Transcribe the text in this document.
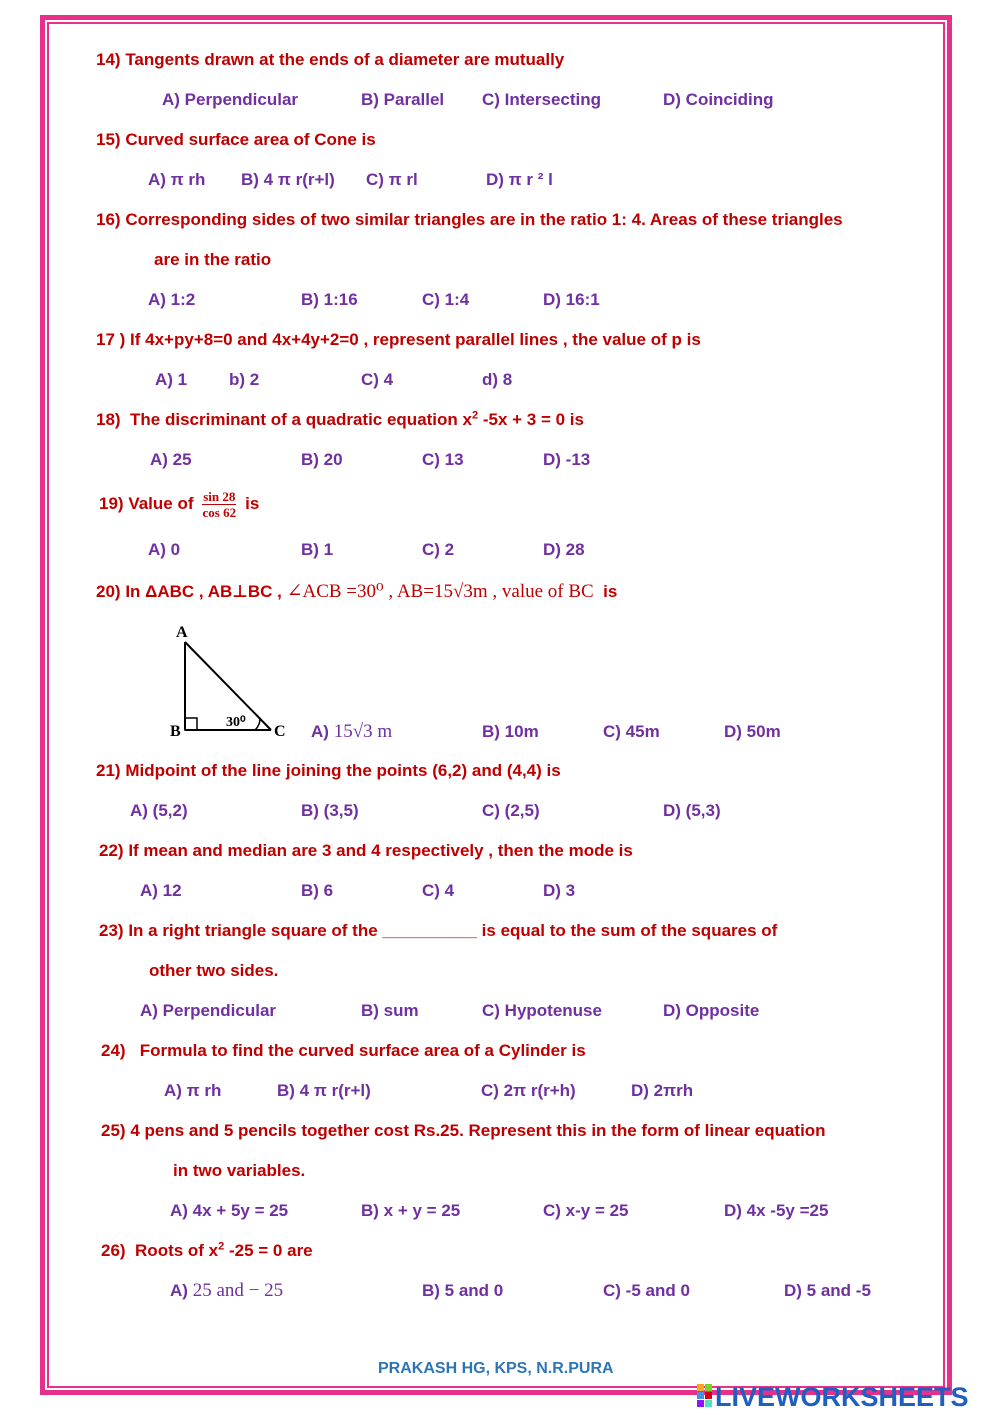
14) Tangents drawn at the ends of a diameter are mutually
A) Perpendicular	B) Parallel C) Intersecting	D) Coinciding
15) Curved surface area of Cone is
A) π rh B) 4 π r(r+l) C) π rl	D) π r ² l
16) Corresponding sides of two similar triangles are in the ratio 1: 4. Areas of these triangles
are in the ratio
A) 1:2	B) 1:16	C) 1:4	D) 16:1
17 ) If 4x+py+8=0 and 4x+4y+2=0 , represent parallel lines , the value of p is
A) 1 b) 2	C) 4	d) 8
18) The discriminant of a quadratic equation $x^2$ -5x + 3 = 0 is
A) 25	B) 20	C) 13	D) -13
19) Value of $\frac{\sin 28}{\cos 62}$ is
A) 0	B) 1	C) 2	D) 28
20) In ΔABC , AB⊥BC , ∠ACB =30⁰ , AB=15√3m , value of BC is
A
B	C
30⁰	A) 15√3 m	B) 10m	C) 45m	D) 50m
21) Midpoint of the line joining the points (6,2) and (4,4) is
A) (5,2)	B) (3,5)	C) (2,5)	D) (5,3)
22) If mean and median are 3 and 4 respectively , then the mode is
A) 12	B) 6	C) 4	D) 3
23) In a right triangle square of the __________ is equal to the sum of the squares of
other two sides.
A) Perpendicular	B) sum	C) Hypotenuse	D) Opposite
24) Formula to find the curved surface area of a Cylinder is
A) π rh	B) 4 π r(r+l)	C) 2π r(r+h)	D) 2πrh
25) 4 pens and 5 pencils together cost Rs.25. Represent this in the form of linear equation
in two variables.
A) 4x + 5y = 25	B) x + y = 25	C) x-y = 25	D) 4x -5y =25
26) Roots of $x^2$ -25 = 0 are
A) 25 and − 25	B) 5 and 0	C) -5 and 0	D) 5 and -5
PRAKASH HG, KPS, N.R.PURA
LIVEWORKSHEETS
